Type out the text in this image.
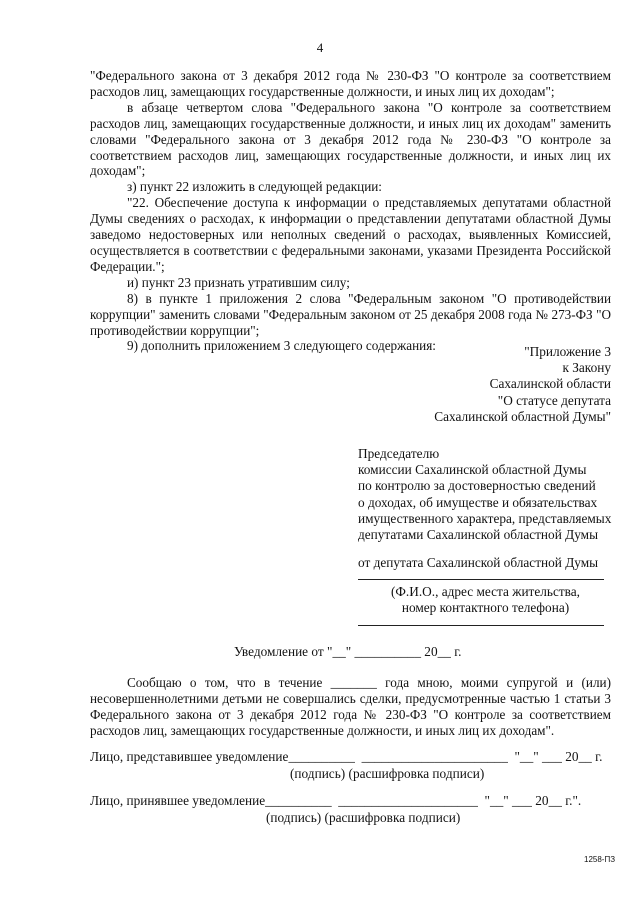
4

"Федерального закона от 3 декабря 2012 года № 230-ФЗ "О контроле за соответствием расходов лиц, замещающих государственные должности, и иных лиц их доходам";

в абзаце четвертом слова "Федерального закона "О контроле за соответствием расходов лиц, замещающих государственные должности, и иных лиц их доходам" заменить словами "Федерального закона от 3 декабря 2012 года № 230-ФЗ "О контроле за соответствием расходов лиц, замещающих государственные должности, и иных лиц их доходам";

з) пункт 22 изложить в следующей редакции:

"22. Обеспечение доступа к информации о представляемых депутатами областной Думы сведениях о расходах, к информации о представлении депутатами областной Думы заведомо недостоверных или неполных сведений о расходах, выявленных Комиссией, осуществляется в соответствии с федеральными законами, указами Президента Российской Федерации.";

и) пункт 23 признать утратившим силу;

8) в пункте 1 приложения 2 слова "Федеральным законом "О противодействии коррупции" заменить словами "Федеральным законом от 25 декабря 2008 года № 273-ФЗ "О противодействии коррупции";

9) дополнить приложением 3 следующего содержания:	"Приложение 3
к Закону
Сахалинской области
"О статусе депутата
Сахалинской областной Думы"
Председателю
комиссии Сахалинской областной Думы
по контролю за достоверностью сведений
о доходах, об имуществе и обязательствах
имущественного характера, представляемых
депутатами Сахалинской областной Думы
от депутата Сахалинской областной Думы
(Ф.И.О., адрес места жительства,
номер контактного телефона)
Уведомление от "__" __________ 20__ г.

Сообщаю о том, что в течение _______ года мною, моими супругой и (или) несовершеннолетними детьми не совершались сделки, предусмотренные частью 1 статьи 3 Федерального закона от 3 декабря 2012 года № 230-ФЗ "О контроле за соответствием расходов лиц, замещающих государственные должности, и иных лиц их доходам".

Лицо, представившее уведомление__________  ______________________  "__" ___ 20__ г.
(подпись) (расшифровка подписи)
Лицо, принявшее уведомление__________  _____________________  "__" ___ 20__ г.".
(подпись) (расшифровка подписи)
1258-ПЗ
